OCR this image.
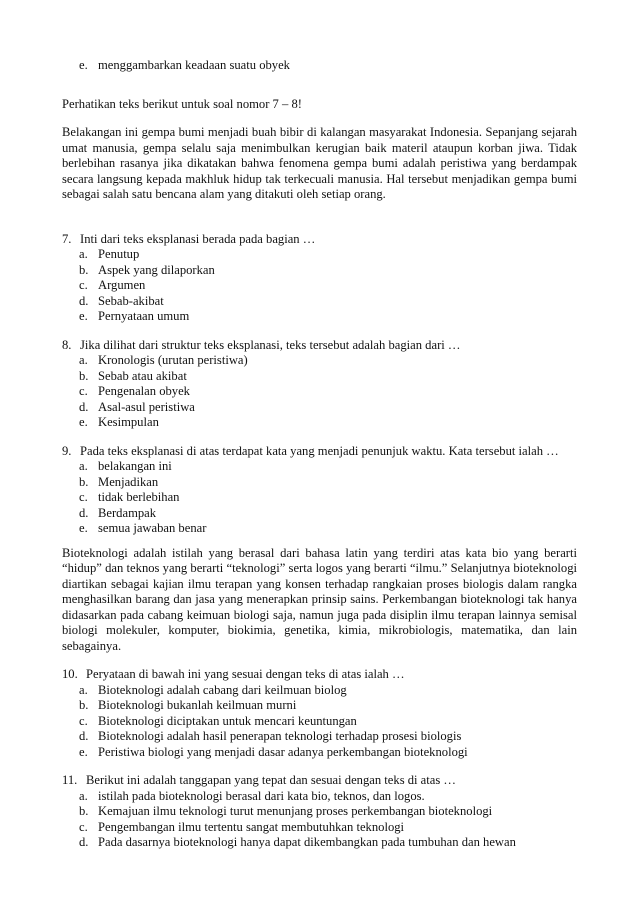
e. menggambarkan keadaan suatu obyek

Perhatikan teks berikut untuk soal nomor 7 – 8!

Belakangan ini gempa bumi menjadi buah bibir di kalangan masyarakat Indonesia. Sepanjang sejarah umat manusia, gempa selalu saja menimbulkan kerugian baik materil ataupun korban jiwa. Tidak berlebihan rasanya jika dikatakan bahwa fenomena gempa bumi adalah peristiwa yang berdampak secara langsung kepada makhluk hidup tak terkecuali manusia. Hal tersebut menjadikan gempa bumi sebagai salah satu bencana alam yang ditakuti oleh setiap orang.

7. Inti dari teks eksplanasi berada pada bagian …
a. Penutup
b. Aspek yang dilaporkan
c. Argumen
d. Sebab-akibat
e. Pernyataan umum
8. Jika dilihat dari struktur teks eksplanasi, teks tersebut adalah bagian dari …
a. Kronologis (urutan peristiwa)
b. Sebab atau akibat
c. Pengenalan obyek
d. Asal-asul peristiwa
e. Kesimpulan
9. Pada teks eksplanasi di atas terdapat kata yang menjadi penunjuk waktu. Kata tersebut ialah …
a. belakangan ini
b. Menjadikan
c. tidak berlebihan
d. Berdampak
e. semua jawaban benar

Bioteknologi adalah istilah yang berasal dari bahasa latin yang terdiri atas kata bio yang berarti “hidup” dan teknos yang berarti “teknologi” serta logos yang berarti “ilmu.” Selanjutnya bioteknologi diartikan sebagai kajian ilmu terapan yang konsen terhadap rangkaian proses biologis dalam rangka menghasilkan barang dan jasa yang menerapkan prinsip sains. Perkembangan bioteknologi tak hanya didasarkan pada cabang keimuan biologi saja, namun juga pada disiplin ilmu terapan lainnya semisal biologi molekuler, komputer, biokimia, genetika, kimia, mikrobiologis, matematika, dan lain sebagainya.

10. Peryataan di bawah ini yang sesuai dengan teks di atas ialah …
a. Bioteknologi adalah cabang dari keilmuan biolog
b. Bioteknologi bukanlah keilmuan murni
c. Bioteknologi diciptakan untuk mencari keuntungan
d. Bioteknologi adalah hasil penerapan teknologi terhadap prosesi biologis
e. Peristiwa biologi yang menjadi dasar adanya perkembangan bioteknologi
11. Berikut ini adalah tanggapan yang tepat dan sesuai dengan teks di atas …
a. istilah pada bioteknologi berasal dari kata bio, teknos, dan logos.
b. Kemajuan ilmu teknologi turut menunjang proses perkembangan bioteknologi
c. Pengembangan ilmu tertentu sangat membutuhkan teknologi
d. Pada dasarnya bioteknologi hanya dapat dikembangkan pada tumbuhan dan hewan
